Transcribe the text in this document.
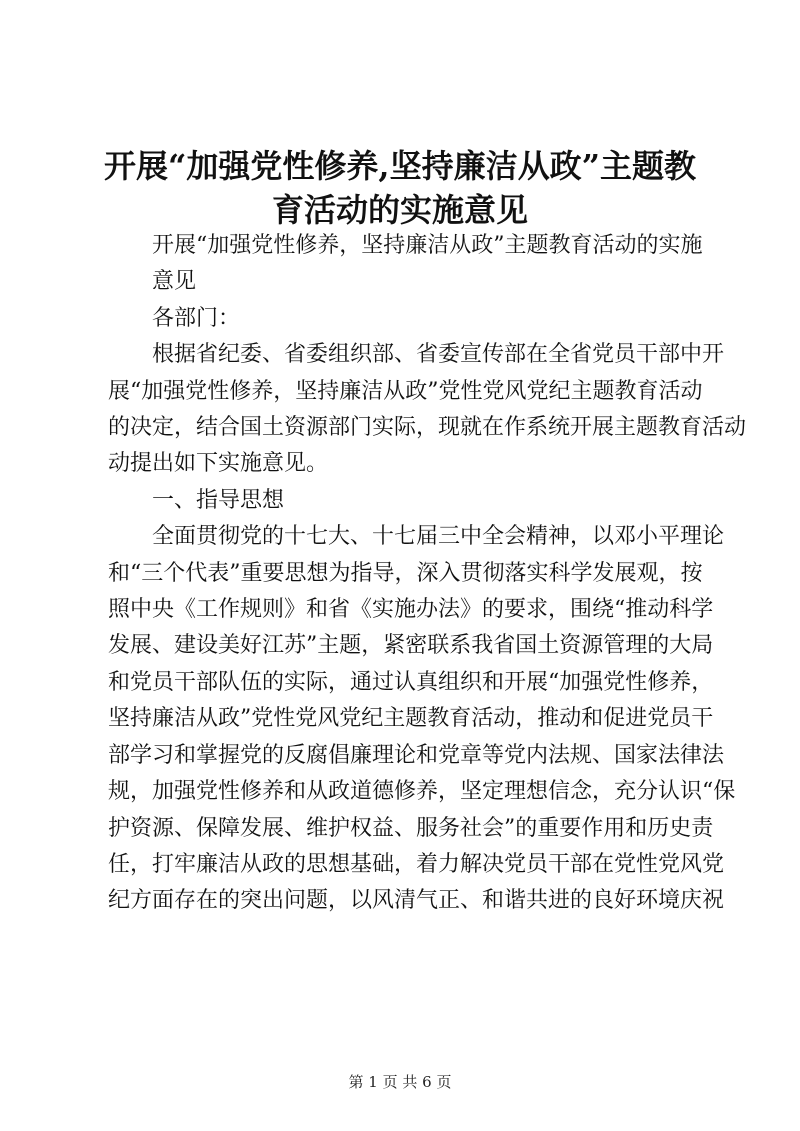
开展“加强党性修养,坚持廉洁从政”主题教
育活动的实施意见

开展“加强党性修养，坚持廉洁从政”主题教育活动的实施
意见

各部门：

根据省纪委、省委组织部、省委宣传部在全省党员干部中开
展“加强党性修养，坚持廉洁从政”党性党风党纪主题教育活动
的决定，结合国土资源部门实际，现就在作系统开展主题教育活动
动提出如下实施意见。

一、指导思想

全面贯彻党的十七大、十七届三中全会精神，以邓小平理论
和“三个代表”重要思想为指导，深入贯彻落实科学发展观，按
照中央《工作规则》和省《实施办法》的要求，围绕“推动科学
发展、建设美好江苏”主题，紧密联系我省国土资源管理的大局
和党员干部队伍的实际，通过认真组织和开展“加强党性修养，
坚持廉洁从政”党性党风党纪主题教育活动，推动和促进党员干
部学习和掌握党的反腐倡廉理论和党章等党内法规、国家法律法
规，加强党性修养和从政道德修养，坚定理想信念，充分认识“保
护资源、保障发展、维护权益、服务社会”的重要作用和历史责
任，打牢廉洁从政的思想基础，着力解决党员干部在党性党风党
纪方面存在的突出问题，以风清气正、和谐共进的良好环境庆祝

第 1 页 共 6 页
